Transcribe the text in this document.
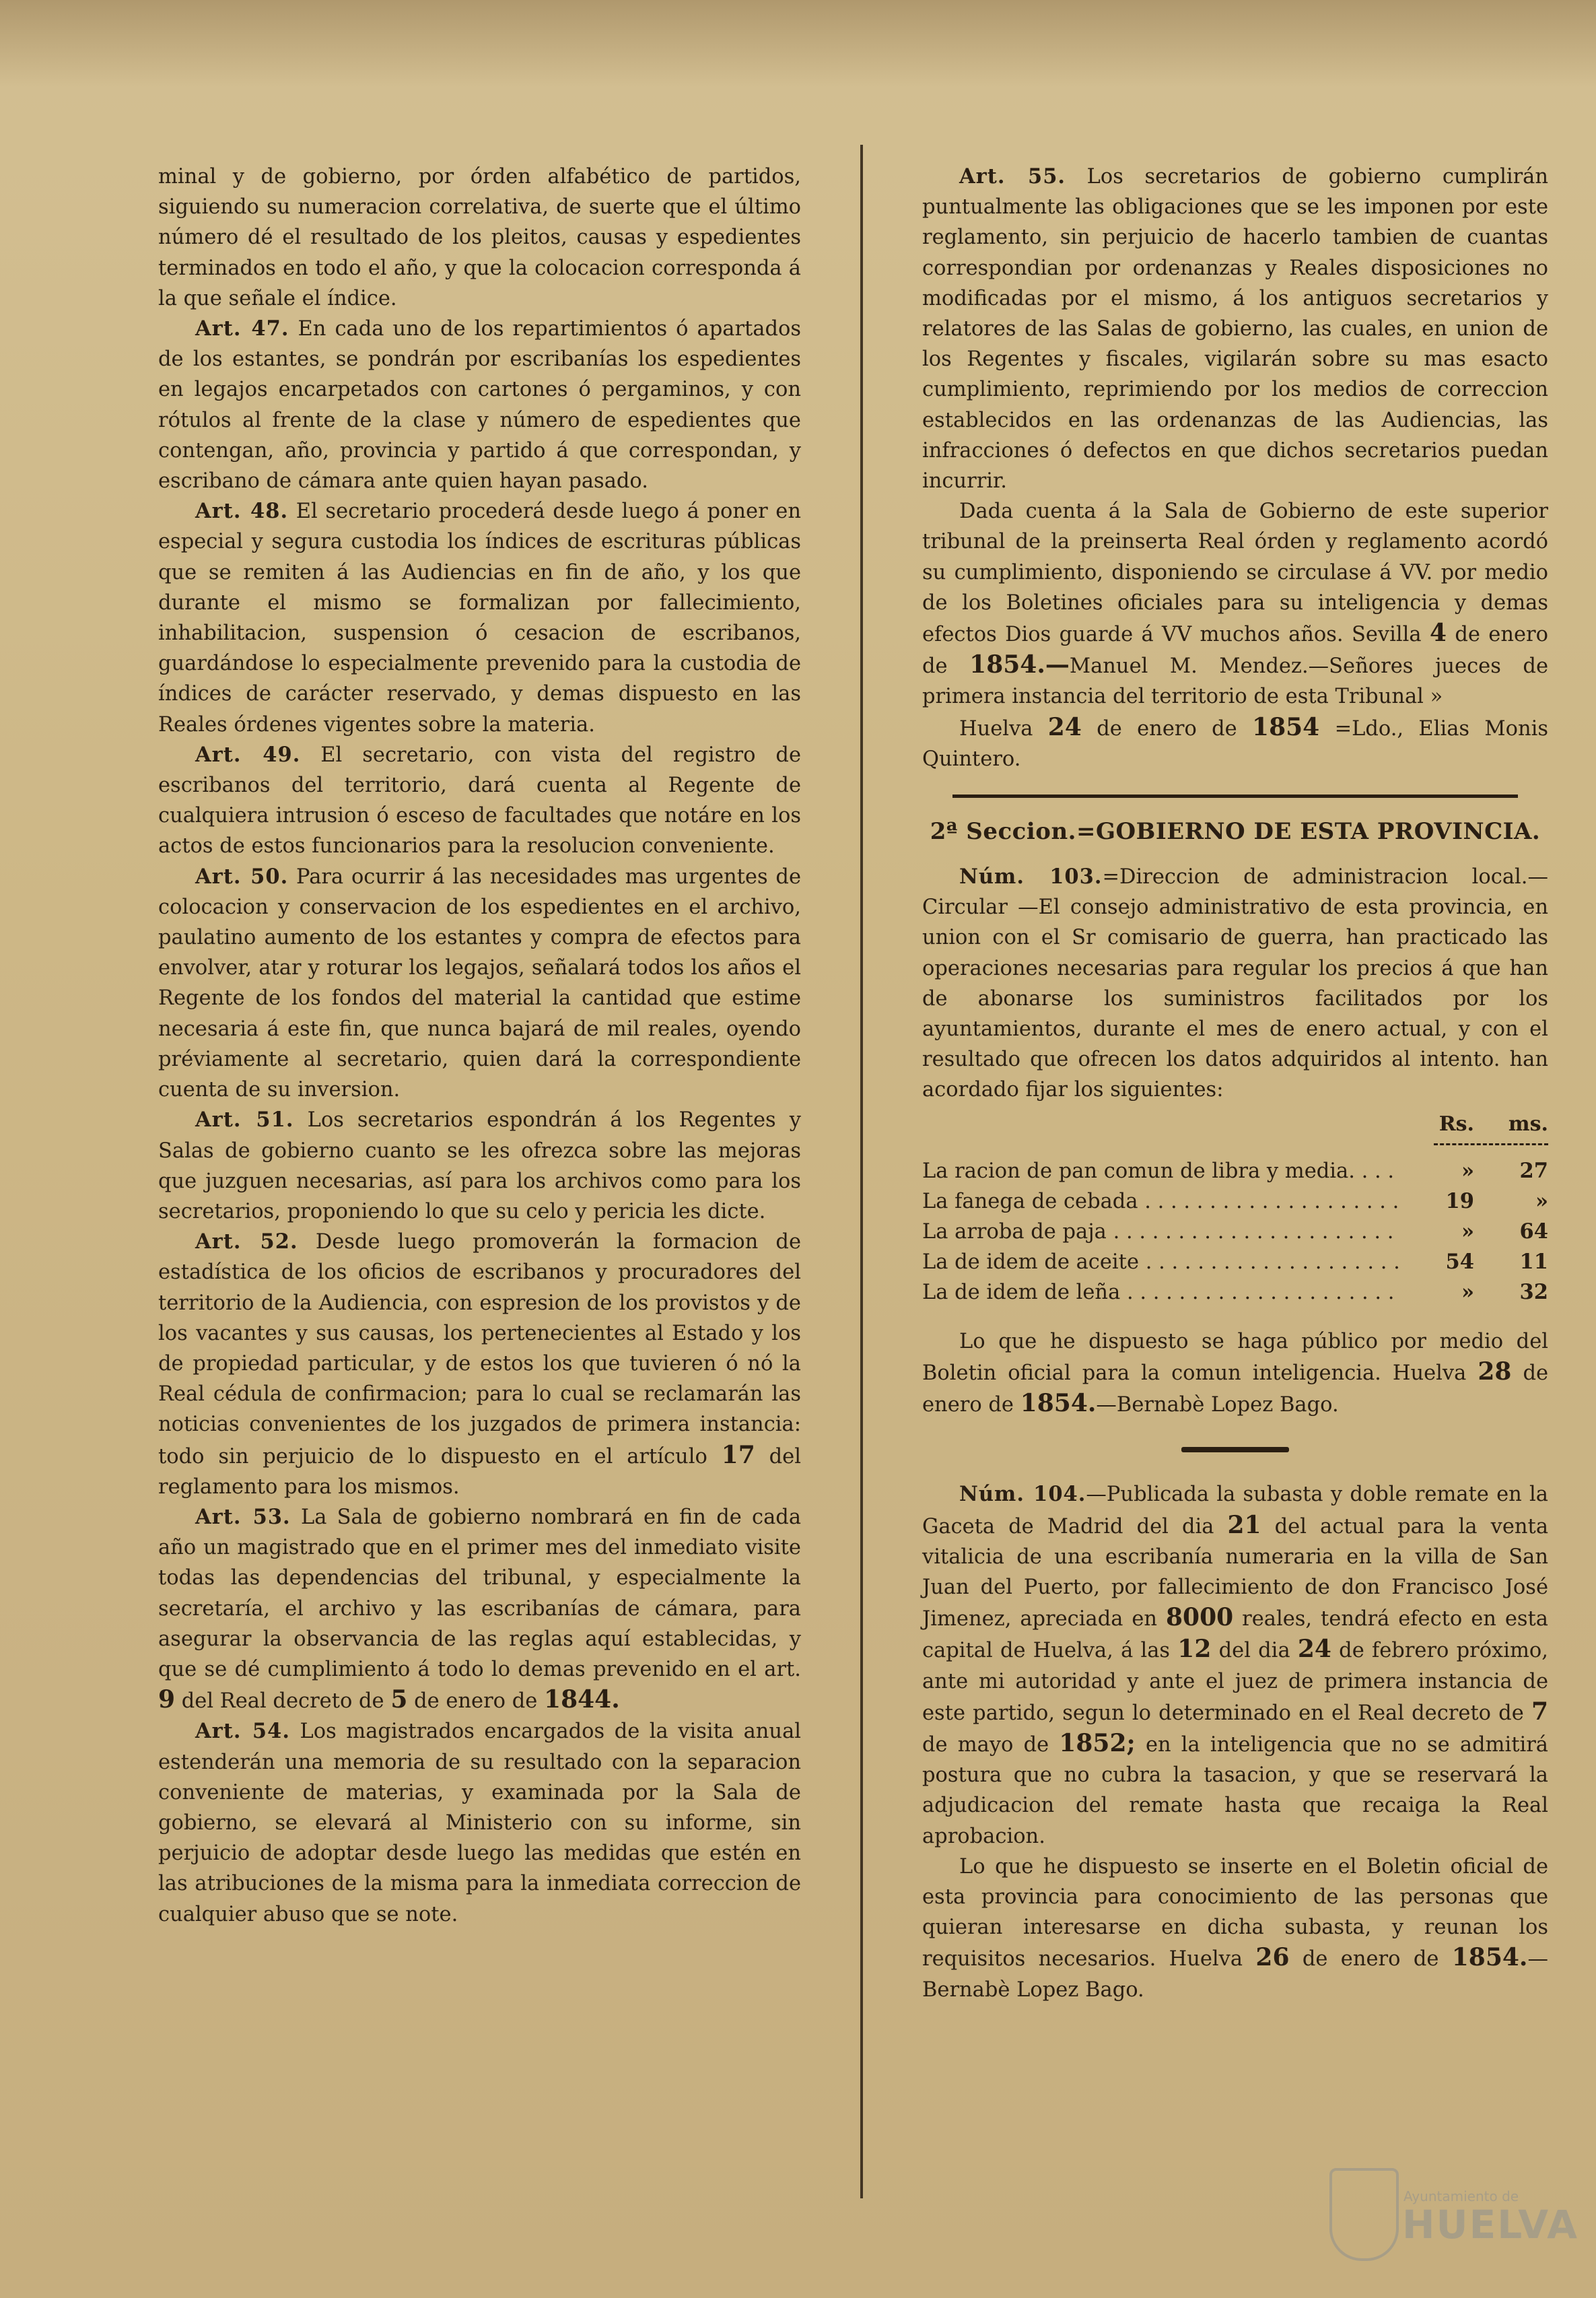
minal y de gobierno, por órden alfabético de partidos, siguiendo su numeracion correlativa, de suerte que el último número dé el resultado de los pleitos, causas y espedientes terminados en todo el año, y que la colocacion corresponda á la que señale el índice.

Art. 47. En cada uno de los repartimientos ó apartados de los estantes, se pondrán por escribanías los espedientes en legajos encarpetados con cartones ó pergaminos, y con rótulos al frente de la clase y número de espedientes que contengan, año, provincia y partido á que correspondan, y escribano de cámara ante quien hayan pasado.

Art. 48. El secretario procederá desde luego á poner en especial y segura custodia los índices de escrituras públicas que se remiten á las Audiencias en fin de año, y los que durante el mismo se formalizan por fallecimiento, inhabilitacion, suspension ó cesacion de escribanos, guardándose lo especialmente prevenido para la custodia de índices de carácter reservado, y demas dispuesto en las Reales órdenes vigentes sobre la materia.

Art. 49. El secretario, con vista del registro de escribanos del territorio, dará cuenta al Regente de cualquiera intrusion ó esceso de facultades que notáre en los actos de estos funcionarios para la resolucion conveniente.

Art. 50. Para ocurrir á las necesidades mas urgentes de colocacion y conservacion de los espedientes en el archivo, paulatino aumento de los estantes y compra de efectos para envolver, atar y roturar los legajos, señalará todos los años el Regente de los fondos del material la cantidad que estime necesaria á este fin, que nunca bajará de mil reales, oyendo préviamente al secretario, quien dará la correspondiente cuenta de su inversion.

Art. 51. Los secretarios espondrán á los Regentes y Salas de gobierno cuanto se les ofrezca sobre las mejoras que juzguen necesarias, así para los archivos como para los secretarios, proponiendo lo que su celo y pericia les dicte.

Art. 52. Desde luego promoverán la formacion de estadística de los oficios de escribanos y procuradores del territorio de la Audiencia, con espresion de los provistos y de los vacantes y sus causas, los pertenecientes al Estado y los de propiedad particular, y de estos los que tuvieren ó nó la Real cédula de confirmacion; para lo cual se reclamarán las noticias convenientes de los juzgados de primera instancia: todo sin perjuicio de lo dispuesto en el artículo 17 del reglamento para los mismos.

Art. 53. La Sala de gobierno nombrará en fin de cada año un magistrado que en el primer mes del inmediato visite todas las dependencias del tribunal, y especialmente la secretaría, el archivo y las escribanías de cámara, para asegurar la observancia de las reglas aquí establecidas, y que se dé cumplimiento á todo lo demas prevenido en el art. 9 del Real decreto de 5 de enero de 1844.

Art. 54. Los magistrados encargados de la visita anual estenderán una memoria de su resultado con la separacion conveniente de materias, y examinada por la Sala de gobierno, se elevará al Ministerio con su informe, sin perjuicio de adoptar desde luego las medidas que estén en las atribuciones de la misma para la inmediata correccion de cualquier abuso que se note.

Art. 55. Los secretarios de gobierno cumplirán puntualmente las obligaciones que se les imponen por este reglamento, sin perjuicio de hacerlo tambien de cuantas correspondian por ordenanzas y Reales disposiciones no modificadas por el mismo, á los antiguos secretarios y relatores de las Salas de gobierno, las cuales, en union de los Regentes y fiscales, vigilarán sobre su mas esacto cumplimiento, reprimiendo por los medios de correccion establecidos en las ordenanzas de las Audiencias, las infracciones ó defectos en que dichos secretarios puedan incurrir.

Dada cuenta á la Sala de Gobierno de este superior tribunal de la preinserta Real órden y reglamento acordó su cumplimiento, disponiendo se circulase á VV. por medio de los Boletines oficiales para su inteligencia y demas efectos Dios guarde á VV muchos años. Sevilla 4 de enero de 1854.—Manuel M. Mendez.—Señores jueces de primera instancia del territorio de esta Tribunal »

Huelva 24 de enero de 1854 =Ldo., Elias Monis Quintero.

2ª Seccion.=GOBIERNO DE ESTA PROVINCIA.

Núm. 103.=Direccion de administracion local.—Circular —El consejo administrativo de esta provincia, en union con el Sr comisario de guerra, han practicado las operaciones necesarias para regular los precios á que han de abonarse los suministros facilitados por los ayuntamientos, durante el mes de enero actual, y con el resultado que ofrecen los datos adquiridos al intento. han acordado fijar los siguientes:

Rs.	ms.
La racion de pan comun de libra y media. . . .	»	27
La fanega de cebada . . .	19	»
La arroba de paja . . .	»	64
La de idem de aceite . . .	54	11
La de idem de leña . . .	»	32

Lo que he dispuesto se haga público por medio del Boletin oficial para la comun inteligencia. Huelva 28 de enero de 1854.—Bernabè Lopez Bago.

Núm. 104.—Publicada la subasta y doble remate en la Gaceta de Madrid del dia 21 del actual para la venta vitalicia de una escribanía numeraria en la villa de San Juan del Puerto, por fallecimiento de don Francisco José Jimenez, apreciada en 8000 reales, tendrá efecto en esta capital de Huelva, á las 12 del dia 24 de febrero próximo, ante mi autoridad y ante el juez de primera instancia de este partido, segun lo determinado en el Real decreto de 7 de mayo de 1852; en la inteligencia que no se admitirá postura que no cubra la tasacion, y que se reservará la adjudicacion del remate hasta que recaiga la Real aprobacion.

Lo que he dispuesto se inserte en el Boletin oficial de esta provincia para conocimiento de las personas que quieran interesarse en dicha subasta, y reunan los requisitos necesarios. Huelva 26 de enero de 1854.—Bernabè Lopez Bago.

Ayuntamiento de
HUELVA
